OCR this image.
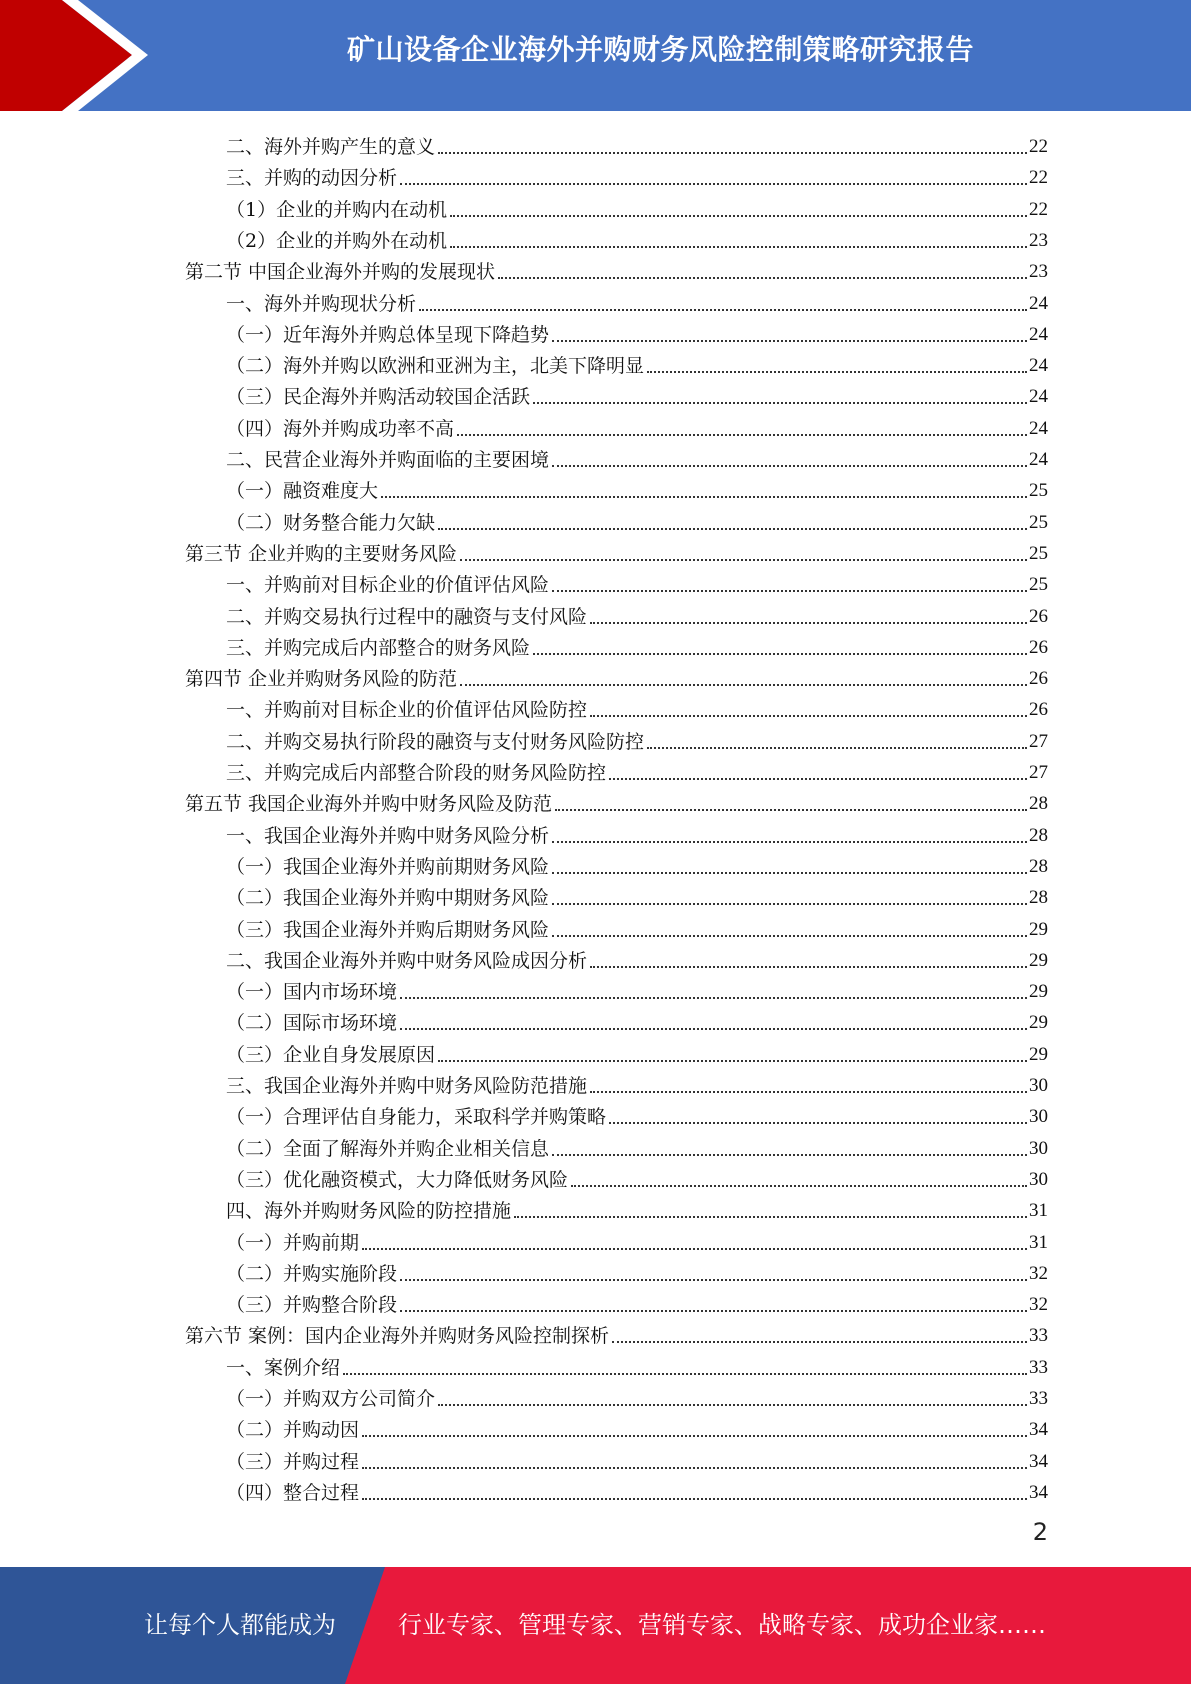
矿山设备企业海外并购财务风险控制策略研究报告
二、海外并购产生的意义	22
三、并购的动因分析	22
（1）企业的并购内在动机	22
（2）企业的并购外在动机	23
第二节 中国企业海外并购的发展现状	23
一、海外并购现状分析	24
（一）近年海外并购总体呈现下降趋势	24
（二）海外并购以欧洲和亚洲为主，北美下降明显	24
（三）民企海外并购活动较国企活跃	24
（四）海外并购成功率不高	24
二、民营企业海外并购面临的主要困境	24
（一）融资难度大	25
（二）财务整合能力欠缺	25
第三节 企业并购的主要财务风险	25
一、并购前对目标企业的价值评估风险	25
二、并购交易执行过程中的融资与支付风险	26
三、并购完成后内部整合的财务风险	26
第四节 企业并购财务风险的防范	26
一、并购前对目标企业的价值评估风险防控	26
二、并购交易执行阶段的融资与支付财务风险防控	27
三、并购完成后内部整合阶段的财务风险防控	27
第五节 我国企业海外并购中财务风险及防范	28
一、我国企业海外并购中财务风险分析	28
（一）我国企业海外并购前期财务风险	28
（二）我国企业海外并购中期财务风险	28
（三）我国企业海外并购后期财务风险	29
二、我国企业海外并购中财务风险成因分析	29
（一）国内市场环境	29
（二）国际市场环境	29
（三）企业自身发展原因	29
三、我国企业海外并购中财务风险防范措施	30
（一）合理评估自身能力，采取科学并购策略	30
（二）全面了解海外并购企业相关信息	30
（三）优化融资模式，大力降低财务风险	30
四、海外并购财务风险的防控措施	31
（一）并购前期	31
（二）并购实施阶段	32
（三）并购整合阶段	32
第六节 案例：国内企业海外并购财务风险控制探析	33
一、案例介绍	33
（一）并购双方公司简介	33
（二）并购动因	34
（三）并购过程	34
（四）整合过程	34
2
让每个人都能成为	行业专家、管理专家、营销专家、战略专家、成功企业家……
